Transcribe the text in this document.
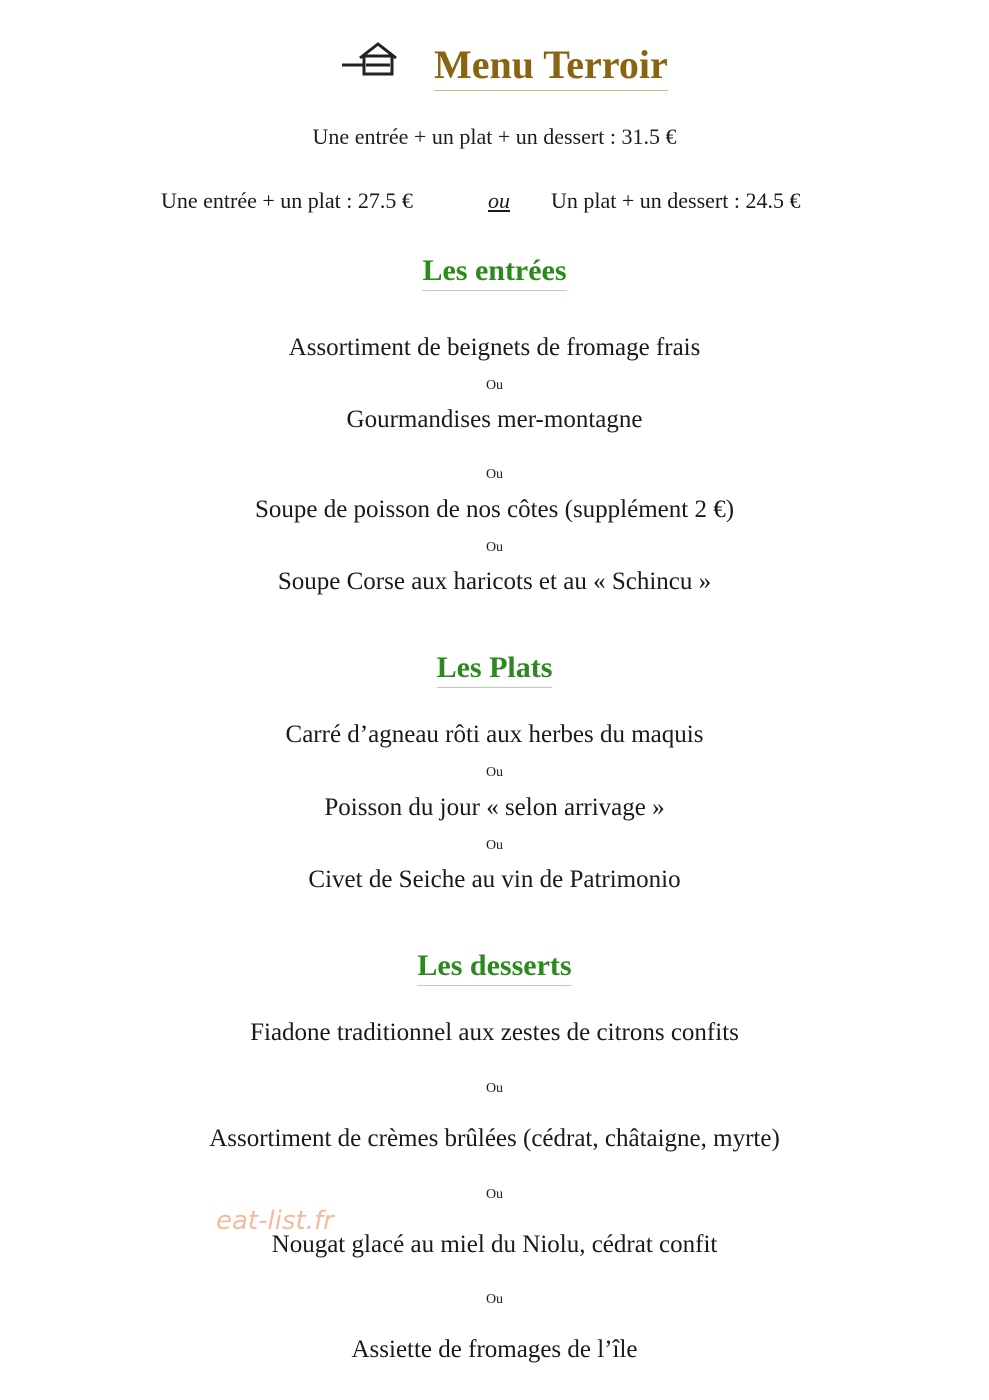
Menu Terroir
Une entrée + un plat + un dessert : 31.5 €
Une entrée + un plat : 27.5 €	ou Un plat + un dessert : 24.5 €
Les entrées
Assortiment de beignets de fromage frais
Ou
Gourmandises mer-montagne
Ou
Soupe de poisson de nos côtes (supplément 2 €)
Ou
Soupe Corse aux haricots et au « Schincu »
Les Plats
Carré d’agneau rôti aux herbes du maquis
Ou
Poisson du jour « selon arrivage »
Ou
Civet de Seiche au vin de Patrimonio
Les desserts
Fiadone traditionnel aux zestes de citrons confits
Ou
Assortiment de crèmes brûlées (cédrat, châtaigne, myrte)
Ou
Nougat glacé au miel du Niolu, cédrat confit
Ou
Assiette de fromages de l’île
eat-list.fr
